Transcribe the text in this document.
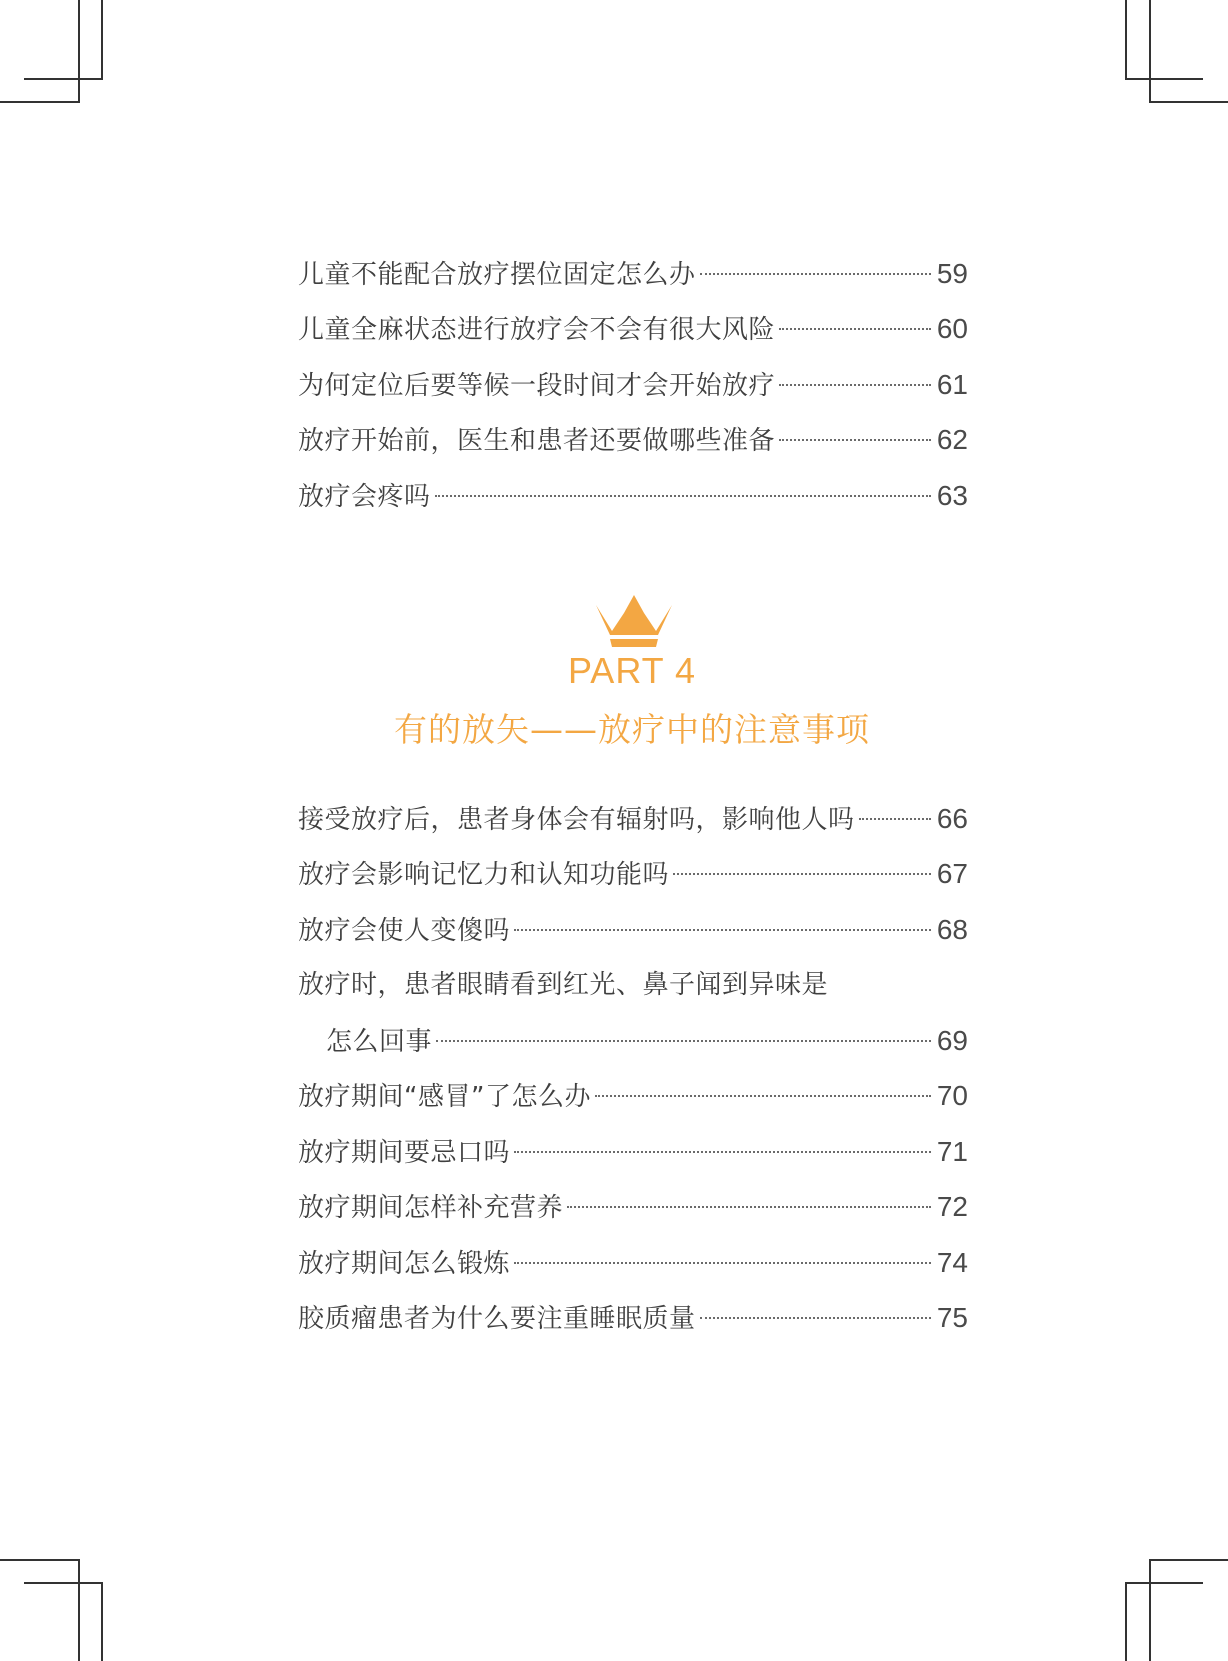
儿童不能配合放疗摆位固定怎么办	59
儿童全麻状态进行放疗会不会有很大风险	60
为何定位后要等候一段时间才会开始放疗	61
放疗开始前，医生和患者还要做哪些准备	62
放疗会疼吗	63
PART 4
有的放矢——放疗中的注意事项
接受放疗后，患者身体会有辐射吗，影响他人吗	66
放疗会影响记忆力和认知功能吗	67
放疗会使人变傻吗	68
放疗时，患者眼睛看到红光、鼻子闻到异味是
怎么回事	69
放疗期间“感冒”了怎么办	70
放疗期间要忌口吗	71
放疗期间怎样补充营养	72
放疗期间怎么锻炼	74
胶质瘤患者为什么要注重睡眠质量	75
